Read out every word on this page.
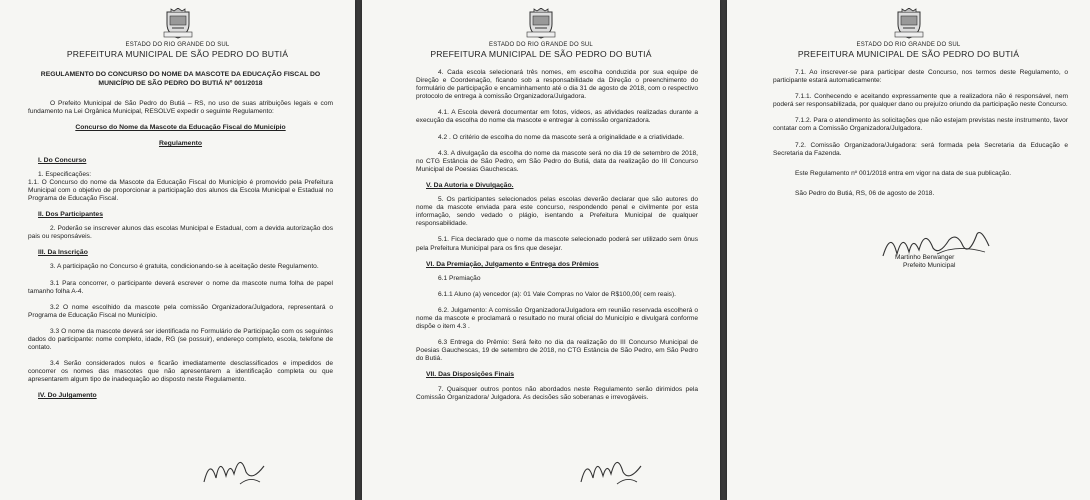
ESTADO DO RIO GRANDE DO SUL
PREFEITURA MUNICIPAL DE SÃO PEDRO DO BUTIÁ
REGULAMENTO DO CONCURSO DO NOME DA MASCOTE DA EDUCAÇÃO FISCAL DO MUNICÍPIO DE SÃO PEDRO DO BUTIÁ Nº 001/2018

O Prefeito Municipal de São Pedro do Butiá – RS, no uso de suas atribuições legais e com fundamento na Lei Orgânica Municipal, RESOLVE expedir o seguinte Regulamento:

Concurso do Nome da Mascote da Educação Fiscal do Município
Regulamento
I. Do Concurso

1. Especificações:

1.1. O Concurso do nome da Mascote da Educação Fiscal do Município é promovido pela Prefeitura Municipal com o objetivo de proporcionar a participação dos alunos da Escola Municipal e Estadual no Programa de Educação Fiscal.

II. Dos Participantes

2. Poderão se inscrever alunos das escolas Municipal e Estadual, com a devida autorização dos pais ou responsáveis.

III. Da Inscrição

3. A participação no Concurso é gratuita, condicionando-se à aceitação deste Regulamento.

3.1 Para concorrer, o participante deverá escrever o nome da mascote numa folha de papel tamanho folha A-4.

3.2 O nome escolhido da mascote pela comissão Organizadora/Julgadora, representará o Programa de Educação Fiscal no Município.

3.3 O nome da mascote deverá ser identificada no Formulário de Participação com os seguintes dados do participante: nome completo, idade, RG (se possuir), endereço completo, escola, telefone de contato.

3.4 Serão considerados nulos e ficarão imediatamente desclassificados e impedidos de concorrer os nomes das mascotes que não apresentarem a identificação completa ou que apresentarem algum tipo de inadequação ao disposto neste Regulamento.

IV. Do Julgamento
ESTADO DO RIO GRANDE DO SUL
PREFEITURA MUNICIPAL DE SÃO PEDRO DO BUTIÁ

4. Cada escola selecionará três nomes, em escolha conduzida por sua equipe de Direção e Coordenação, ficando sob a responsabilidade da Direção o preenchimento do formulário de participação e encaminhamento até o dia 31 de agosto de 2018, com o respectivo protocolo de entrega à comissão Organizadora/Julgadora.

4.1. A Escola deverá documentar em fotos, vídeos, as atividades realizadas durante a execução da escolha do nome da mascote e entregar à comissão organizadora.

4.2 . O critério de escolha do nome da mascote será a originalidade e a criatividade.

4.3. A divulgação da escolha do nome da mascote será no dia 19 de setembro de 2018, no CTG Estância de São Pedro, em São Pedro do Butiá, data da realização do III Concurso Municipal de Poesias Gauchescas.

V. Da Autoria e Divulgação.

5. Os participantes selecionados pelas escolas deverão declarar que são autores do nome da mascote enviada para este concurso, respondendo penal e civilmente por esta informação, sendo vedado o plágio, isentando a Prefeitura Municipal de qualquer responsabilidade.

5.1. Fica declarado que o nome da mascote selecionado poderá ser utilizado sem ônus pela Prefeitura Municipal para os fins que desejar.

VI. Da Premiação, Julgamento e Entrega dos Prêmios

6.1 Premiação

6.1.1 Aluno (a) vencedor (a): 01 Vale Compras no Valor de R$100,00( cem reais).

6.2. Julgamento: A comissão Organizadora/Julgadora em reunião reservada escolherá o nome da mascote e proclamará o resultado no mural oficial do Município e divulgará conforme dispõe o item 4.3 .

6.3 Entrega do Prêmio: Será feito no dia da realização do III Concurso Municipal de Poesias Gauchescas, 19 de setembro de 2018, no CTG Estância de São Pedro, em São Pedro do Butiá.

VII. Das Disposições Finais

7. Quaisquer outros pontos não abordados neste Regulamento serão dirimidos pela Comissão Organizadora/ Julgadora. As decisões são soberanas e irrevogáveis.

ESTADO DO RIO GRANDE DO SUL
PREFEITURA MUNICIPAL DE SÃO PEDRO DO BUTIÁ

7.1. Ao inscrever-se para participar deste Concurso, nos termos deste Regulamento, o participante estará automaticamente:

7.1.1. Conhecendo e aceitando expressamente que a realizadora não é responsável, nem poderá ser responsabilizada, por qualquer dano ou prejuízo oriundo da participação neste Concurso.

7.1.2. Para o atendimento às solicitações que não estejam previstas neste instrumento, favor contatar com a Comissão Organizadora/Julgadora.

7.2. Comissão Organizadora/Julgadora: será formada pela Secretaria da Educação e Secretaria da Fazenda.

Este Regulamento nº 001/2018 entra em vigor na data de sua publicação.

São Pedro do Butiá, RS, 06 de agosto de 2018.

Martinho Berwanger
Prefeito Municipal
